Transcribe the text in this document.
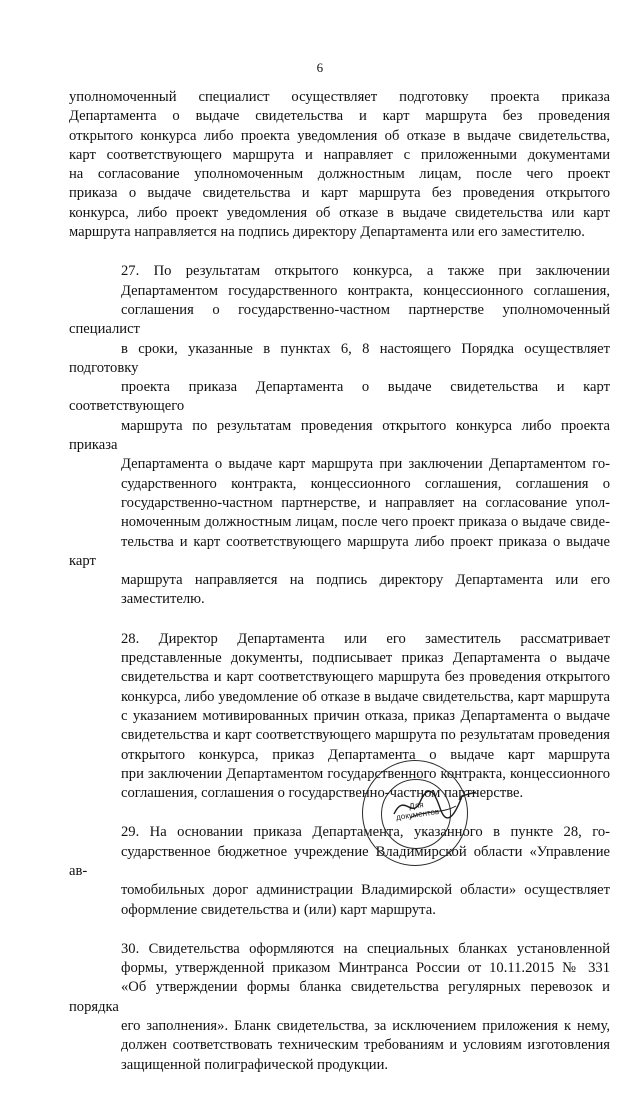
6

уполномоченный специалист осуществляет подготовку проекта приказа
Департамента о выдаче свидетельства и карт маршрута без проведения
открытого конкурса либо проекта уведомления об отказе в выдаче свидетельства,
карт соответствующего маршрута и направляет с приложенными документами
на согласование уполномоченным должностным лицам, после чего проект
приказа о выдаче свидетельства и карт маршрута без проведения открытого
конкурса, либо проект уведомления об отказе в выдаче свидетельства или карт
маршрута направляется на подпись директору Департамента или его заместителю.

27. По результатам открытого конкурса, а также при заключении
Департаментом государственного контракта, концессионного соглашения,
соглашения о государственно-частном партнерстве уполномоченный специалист
в сроки, указанные в пунктах 6, 8 настоящего Порядка осуществляет подготовку
проекта приказа Департамента о выдаче свидетельства и карт соответствующего
маршрута по результатам проведения открытого конкурса либо проекта приказа
Департамента о выдаче карт маршрута при заключении Департаментом го-
сударственного контракта, концессионного соглашения, соглашения о
государственно-частном партнерстве, и направляет на согласование упол-
номоченным должностным лицам, после чего проект приказа о выдаче свиде-
тельства и карт соответствующего маршрута либо проект приказа о выдаче карт
маршрута направляется на подпись директору Департамента или его
заместителю.

28. Директор Департамента или его заместитель рассматривает
представленные документы, подписывает приказ Департамента о выдаче
свидетельства и карт соответствующего маршрута без проведения открытого
конкурса, либо уведомление об отказе в выдаче свидетельства, карт маршрута
с указанием мотивированных причин отказа, приказ Департамента о выдаче
свидетельства и карт соответствующего маршрута по результатам проведения
открытого конкурса, приказ Департамента о выдаче карт маршрута
при заключении Департаментом государственного контракта, концессионного
соглашения, соглашения о государственно-частном партнерстве.

29. На основании приказа Департамента, указанного в пункте 28, го-
сударственное бюджетное учреждение Владимирской области «Управление ав-
томобильных дорог администрации Владимирской области» осуществляет
оформление свидетельства и (или) карт маршрута.

30. Свидетельства оформляются на специальных бланках установленной
формы, утвержденной приказом Минтранса России от 10.11.2015 № 331
«Об утверждении формы бланка свидетельства регулярных перевозок и порядка
его заполнения». Бланк свидетельства, за исключением приложения к нему,
должен соответствовать техническим требованиям и условиям изготовления
защищенной полиграфической продукции.

Для документов
